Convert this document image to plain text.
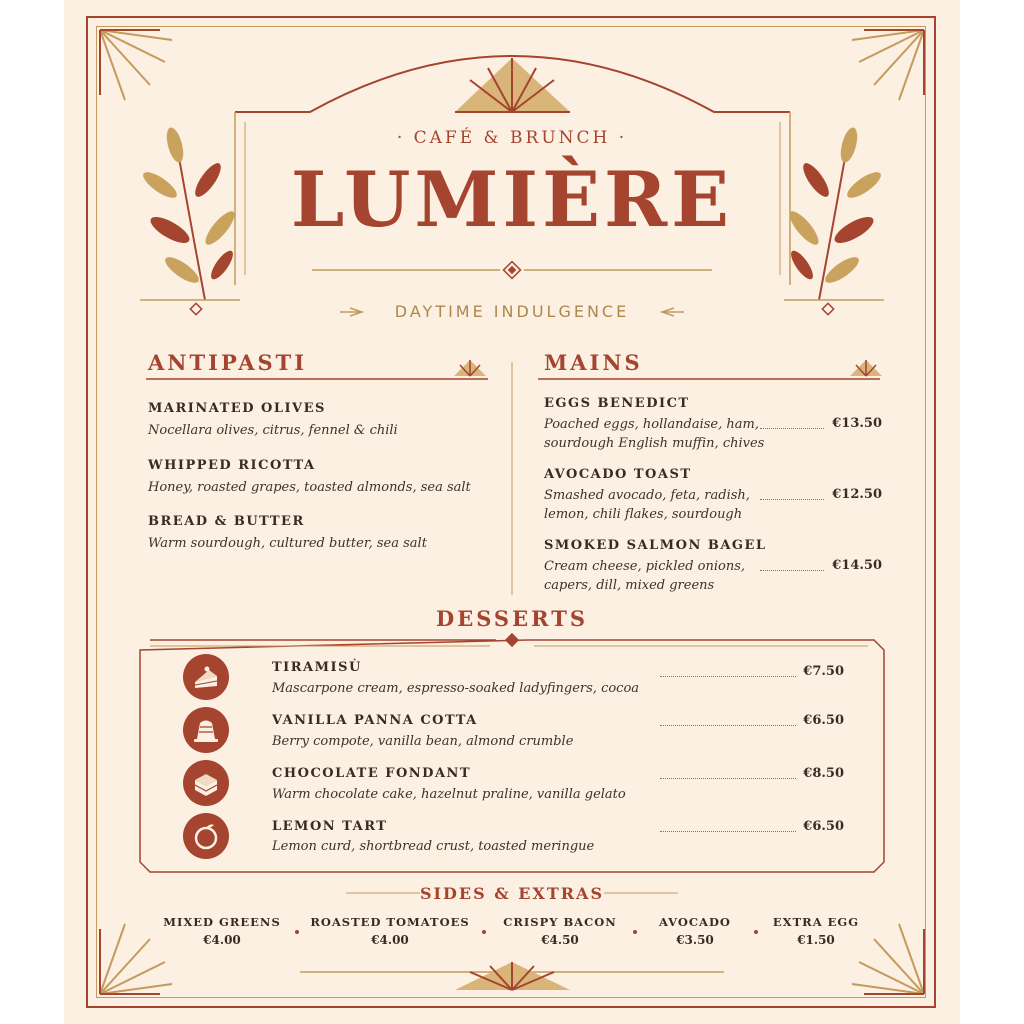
· CAFÉ & BRUNCH ·

LUMIÈRE

DAYTIME INDULGENCE

ANTIPASTI

MARINATED OLIVES

Nocellara olives, citrus, fennel & chili

WHIPPED RICOTTA

Honey, roasted grapes, toasted almonds, sea salt

BREAD & BUTTER

Warm sourdough, cultured butter, sea salt

MAINS

EGGS BENEDICT

Poached eggs, hollandaise, ham,

sourdough English muffin, chives

€13.50

AVOCADO TOAST

Smashed avocado, feta, radish,

lemon, chili flakes, sourdough

€12.50

SMOKED SALMON BAGEL

Cream cheese, pickled onions,

capers, dill, mixed greens

€14.50

DESSERTS

TIRAMISÙ

Mascarpone cream, espresso-soaked ladyfingers, cocoa

€7.50

VANILLA PANNA COTTA

Berry compote, vanilla bean, almond crumble

€6.50

CHOCOLATE FONDANT

Warm chocolate cake, hazelnut praline, vanilla gelato

€8.50

LEMON TART

Lemon curd, shortbread crust, toasted meringue

€6.50

SIDES & EXTRAS

MIXED GREENS

€4.00

ROASTED TOMATOES

€4.00

CRISPY BACON

€4.50

AVOCADO

€3.50

EXTRA EGG

€1.50
